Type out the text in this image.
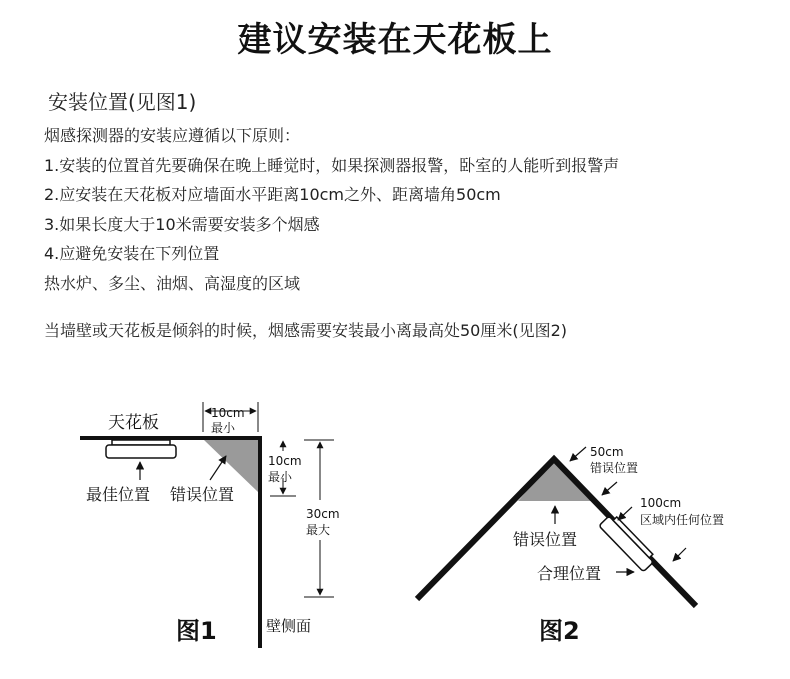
建议安装在天花板上
安装位置(见图1)
烟感探测器的安装应遵循以下原则：
1.安装的位置首先要确保在晚上睡觉时，如果探测器报警，卧室的人能听到报警声
2.应安装在天花板对应墙面水平距离10cm之外、距离墙角50cm
3.如果长度大于10米需要安装多个烟感
4.应避免安装在下列位置
热水炉、多尘、油烟、高湿度的区域
当墙壁或天花板是倾斜的时候，烟感需要安装最小离最高处50厘米(见图2)
天花板	10cm
最小
10cm
最小
30cm
最大
最佳位置 错误位置
壁侧面
图1
50cm
错误位置
100cm
区域内任何位置
错误位置
合理位置
图2
